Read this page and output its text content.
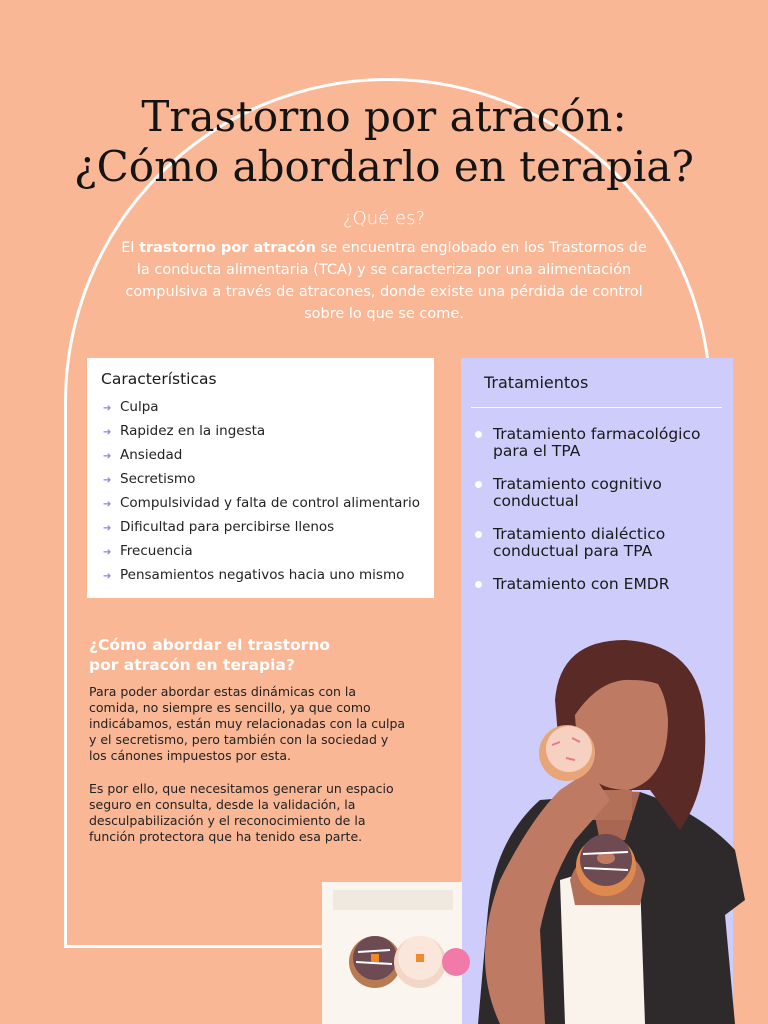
Trastorno por atracón:
¿Cómo abordarlo en terapia?
¿Qué es?
El trastorno por atracón se encuentra englobado en los Trastornos de la conducta alimentaria (TCA) y se caracteriza por una alimentación compulsiva a través de atracones, donde existe una pérdida de control sobre lo que se come.
Características
➔ Culpa
➔ Rapidez en la ingesta
➔ Ansiedad
➔ Secretismo
➔ Compulsividad y falta de control alimentario
➔ Dificultad para percibirse llenos
➔ Frecuencia
➔ Pensamientos negativos hacia uno mismo
Tratamientos
Tratamiento farmacológico para el TPA
Tratamiento cognitivo conductual
Tratamiento dialéctico conductual para TPA
Tratamiento con EMDR
¿Cómo abordar el trastorno por atracón en terapia?
Para poder abordar estas dinámicas con la comida, no siempre es sencillo, ya que como indicábamos, están muy relacionadas con la culpa y el secretismo, pero también con la sociedad y los cánones impuestos por esta.
Es por ello, que necesitamos generar un espacio seguro en consulta, desde la validación, la desculpabilización y el reconocimiento de la función protectora que ha tenido esa parte.
